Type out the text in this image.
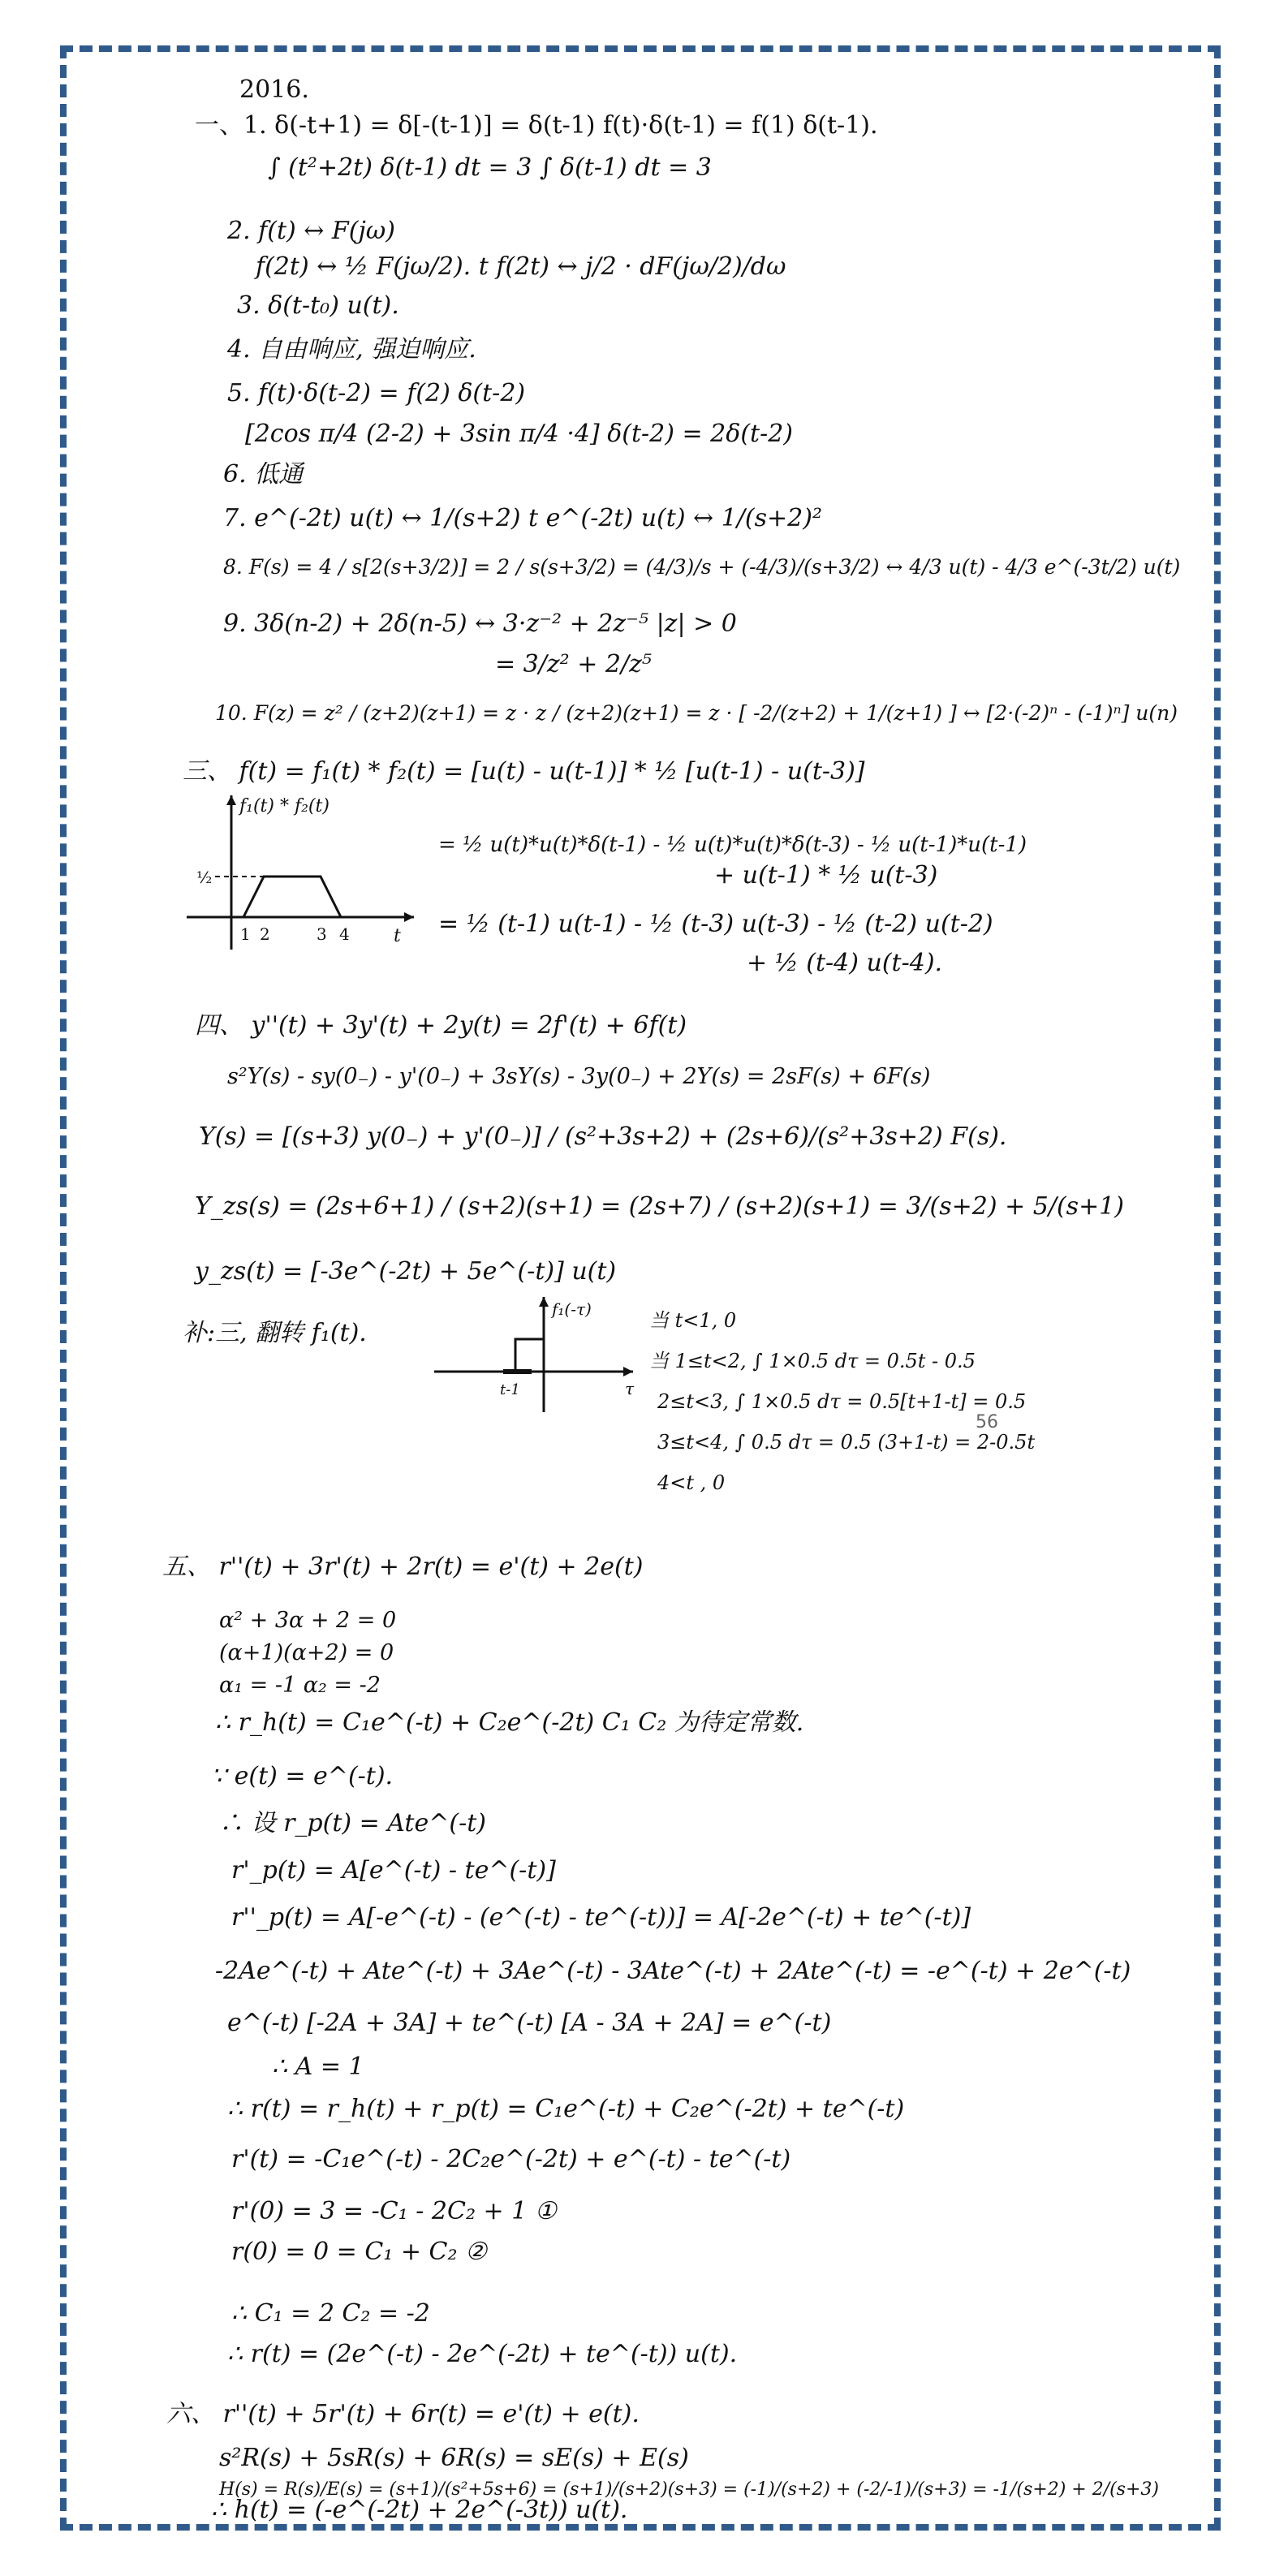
2016.
一、1. δ(-t+1) = δ[-(t-1)] = δ(t-1) f(t)·δ(t-1) = f(1) δ(t-1).
∫ (t²+2t) δ(t-1) dt = 3 ∫ δ(t-1) dt = 3
2. f(t) ↔ F(jω)
f(2t) ↔ ½ F(jω/2). t f(2t) ↔ j/2 · dF(jω/2)/dω
3. δ(t-t₀) u(t).
4. 自由响应, 强迫响应.
5. f(t)·δ(t-2) = f(2) δ(t-2)
[2cos π/4 (2-2) + 3sin π/4 ·4] δ(t-2) = 2δ(t-2)
6. 低通
7. e^(-2t) u(t) ↔ 1/(s+2) t e^(-2t) u(t) ↔ 1/(s+2)²
8. F(s) = 4 / s[2(s+3/2)] = 2 / s(s+3/2) = (4/3)/s + (-4/3)/(s+3/2) ↔ 4/3 u(t) - 4/3 e^(-3t/2) u(t)
9. 3δ(n-2) + 2δ(n-5) ↔ 3·z⁻² + 2z⁻⁵ |z| > 0
= 3/z² + 2/z⁵
10. F(z) = z² / (z+2)(z+1) = z · z / (z+2)(z+1) = z · [ -2/(z+2) + 1/(z+1) ] ↔ [2·(-2)ⁿ - (-1)ⁿ] u(n)
三、 f(t) = f₁(t) * f₂(t) = [u(t) - u(t-1)] * ½ [u(t-1) - u(t-3)]
= ½ u(t)*u(t)*δ(t-1) - ½ u(t)*u(t)*δ(t-3) - ½ u(t-1)*u(t-1)
+ u(t-1) * ½ u(t-3)
= ½ (t-1) u(t-1) - ½ (t-3) u(t-3) - ½ (t-2) u(t-2)
+ ½ (t-4) u(t-4).
f₁(t) * f₂(t)
½
1 2	3 4 t
四、 y''(t) + 3y'(t) + 2y(t) = 2f'(t) + 6f(t)
s²Y(s) - sy(0₋) - y'(0₋) + 3sY(s) - 3y(0₋) + 2Y(s) = 2sF(s) + 6F(s)
Y(s) = [(s+3) y(0₋) + y'(0₋)] / (s²+3s+2) + (2s+6)/(s²+3s+2) F(s).
Y_zs(s) = (2s+6+1) / (s+2)(s+1) = (2s+7) / (s+2)(s+1) = 3/(s+2) + 5/(s+1)
y_zs(t) = [-3e^(-2t) + 5e^(-t)] u(t)
补:三, 翻转 f₁(t).
f₁(-τ)
τ
t-1
当 t<1, 0
当 1≤t<2, ∫ 1×0.5 dτ = 0.5t - 0.5
2≤t<3, ∫ 1×0.5 dτ = 0.5[t+1-t] = 0.5
3≤t<4, ∫ 0.5 dτ = 0.5 (3+1-t) = 2-0.5t
4<t , 0
56
五、 r''(t) + 3r'(t) + 2r(t) = e'(t) + 2e(t)
α² + 3α + 2 = 0
(α+1)(α+2) = 0
α₁ = -1 α₂ = -2
∴ r_h(t) = C₁e^(-t) + C₂e^(-2t) C₁ C₂ 为待定常数.
∵ e(t) = e^(-t).
∴ 设 r_p(t) = Ate^(-t)
r'_p(t) = A[e^(-t) - te^(-t)]
r''_p(t) = A[-e^(-t) - (e^(-t) - te^(-t))] = A[-2e^(-t) + te^(-t)]
-2Ae^(-t) + Ate^(-t) + 3Ae^(-t) - 3Ate^(-t) + 2Ate^(-t) = -e^(-t) + 2e^(-t)
e^(-t) [-2A + 3A] + te^(-t) [A - 3A + 2A] = e^(-t)
∴ A = 1
∴ r(t) = r_h(t) + r_p(t) = C₁e^(-t) + C₂e^(-2t) + te^(-t)
r'(t) = -C₁e^(-t) - 2C₂e^(-2t) + e^(-t) - te^(-t)
r'(0) = 3 = -C₁ - 2C₂ + 1 ①
r(0) = 0 = C₁ + C₂ ②
∴ C₁ = 2 C₂ = -2
∴ r(t) = (2e^(-t) - 2e^(-2t) + te^(-t)) u(t).
六、 r''(t) + 5r'(t) + 6r(t) = e'(t) + e(t).
s²R(s) + 5sR(s) + 6R(s) = sE(s) + E(s)
H(s) = R(s)/E(s) = (s+1)/(s²+5s+6) = (s+1)/(s+2)(s+3) = (-1)/(s+2) + (-2/-1)/(s+3) = -1/(s+2) + 2/(s+3)
∴ h(t) = (-e^(-2t) + 2e^(-3t)) u(t).
